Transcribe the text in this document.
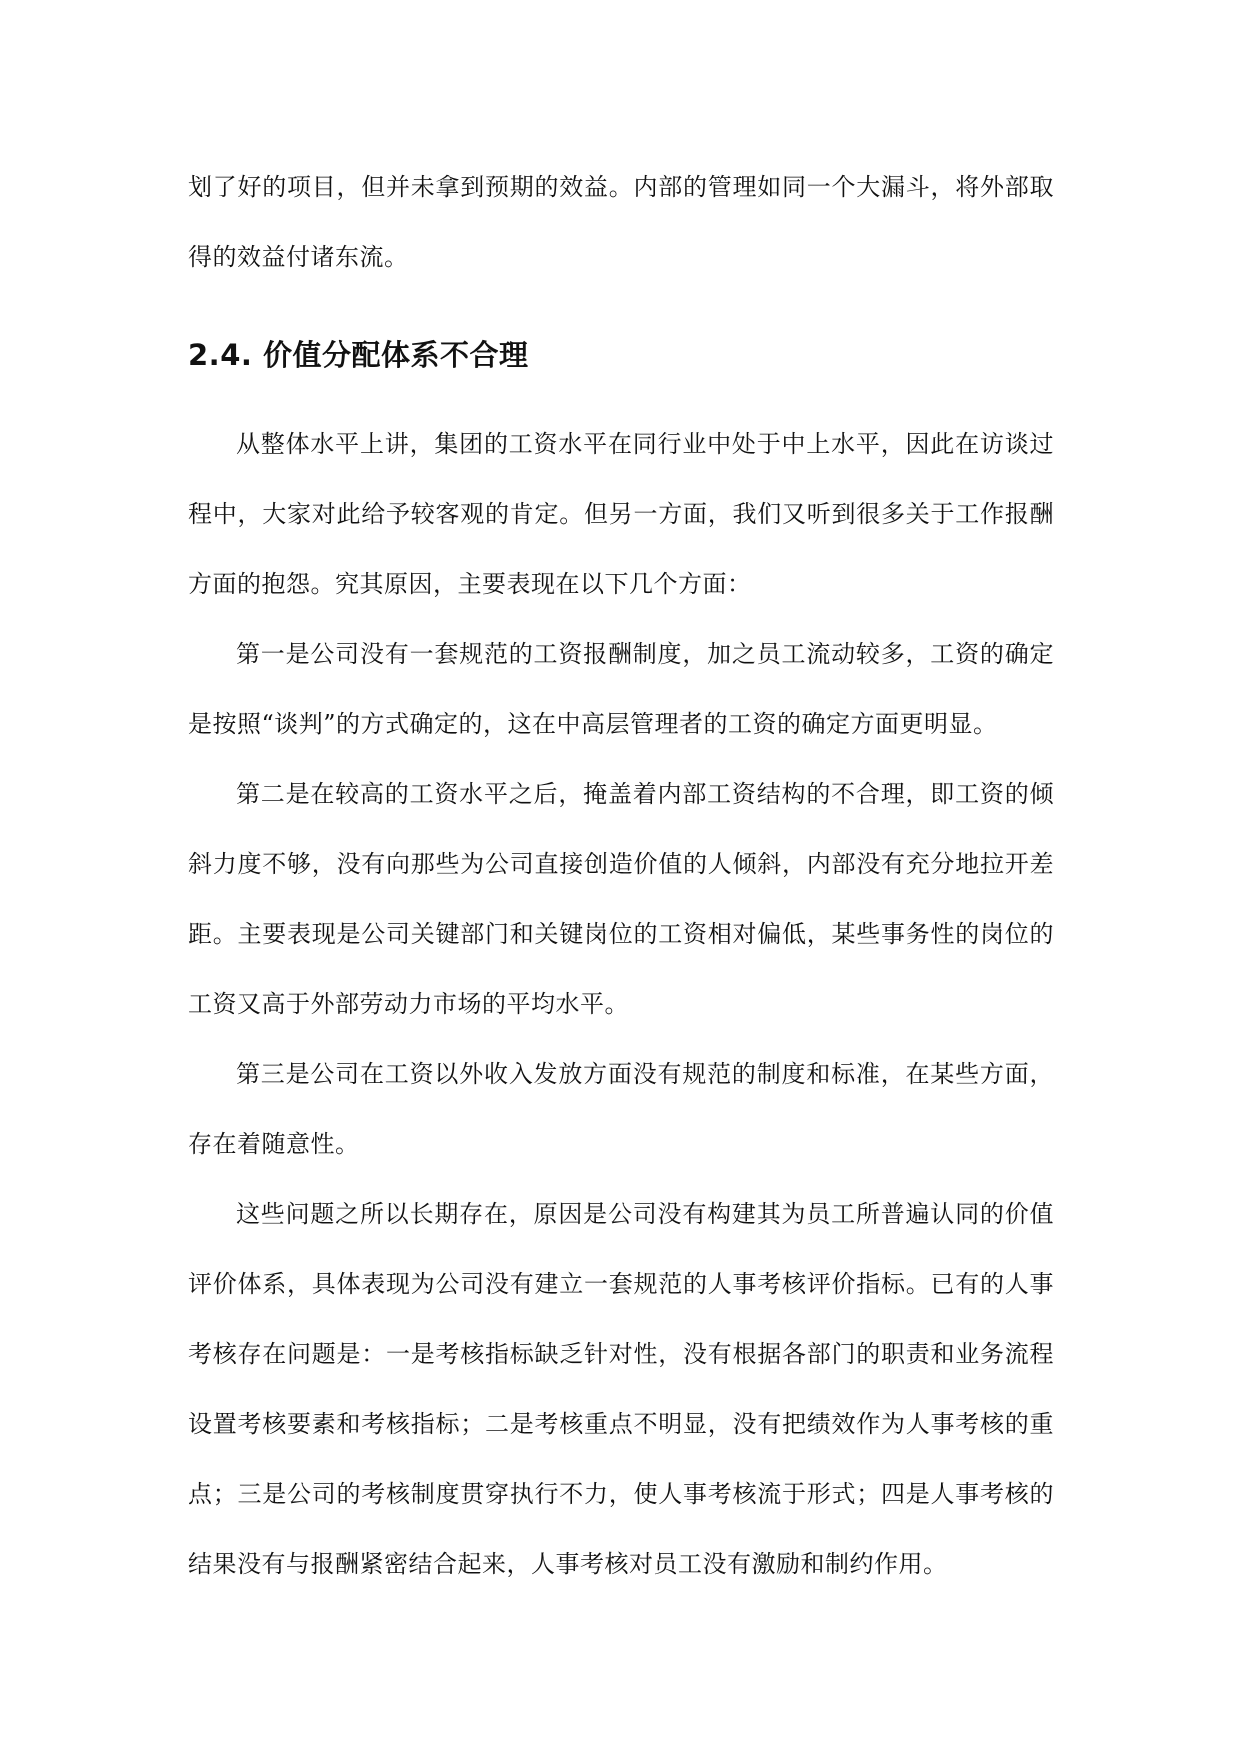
划了好的项目，但并未拿到预期的效益。内部的管理如同一个大漏斗，将外部取得的效益付诸东流。

2.4. 价值分配体系不合理

从整体水平上讲，集团的工资水平在同行业中处于中上水平，因此在访谈过程中，大家对此给予较客观的肯定。但另一方面，我们又听到很多关于工作报酬方面的抱怨。究其原因，主要表现在以下几个方面：

第一是公司没有一套规范的工资报酬制度，加之员工流动较多，工资的确定是按照“谈判”的方式确定的，这在中高层管理者的工资的确定方面更明显。

第二是在较高的工资水平之后，掩盖着内部工资结构的不合理，即工资的倾斜力度不够，没有向那些为公司直接创造价值的人倾斜，内部没有充分地拉开差距。主要表现是公司关键部门和关键岗位的工资相对偏低，某些事务性的岗位的工资又高于外部劳动力市场的平均水平。

第三是公司在工资以外收入发放方面没有规范的制度和标准，在某些方面，存在着随意性。

这些问题之所以长期存在，原因是公司没有构建其为员工所普遍认同的价值评价体系，具体表现为公司没有建立一套规范的人事考核评价指标。已有的人事考核存在问题是：一是考核指标缺乏针对性，没有根据各部门的职责和业务流程设置考核要素和考核指标；二是考核重点不明显，没有把绩效作为人事考核的重点；三是公司的考核制度贯穿执行不力，使人事考核流于形式；四是人事考核的结果没有与报酬紧密结合起来，人事考核对员工没有激励和制约作用。
